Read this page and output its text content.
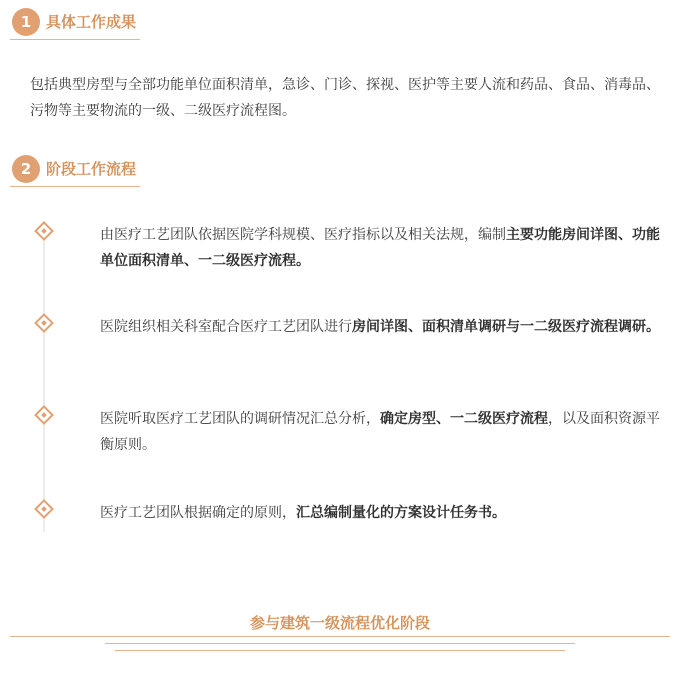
1 具体工作成果
包括典型房型与全部功能单位面积清单，急诊、门诊、探视、医护等主要人流和药品、食品、消毒品、污物等主要物流的一级、二级医疗流程图。
2 阶段工作流程
由医疗工艺团队依据医院学科规模、医疗指标以及相关法规，编制主要功能房间详图、功能单位面积清单、一二级医疗流程。
医院组织相关科室配合医疗工艺团队进行房间详图、面积清单调研与一二级医疗流程调研。
医院听取医疗工艺团队的调研情况汇总分析，确定房型、一二级医疗流程，以及面积资源平衡原则。
医疗工艺团队根据确定的原则，汇总编制量化的方案设计任务书。
参与建筑一级流程优化阶段
